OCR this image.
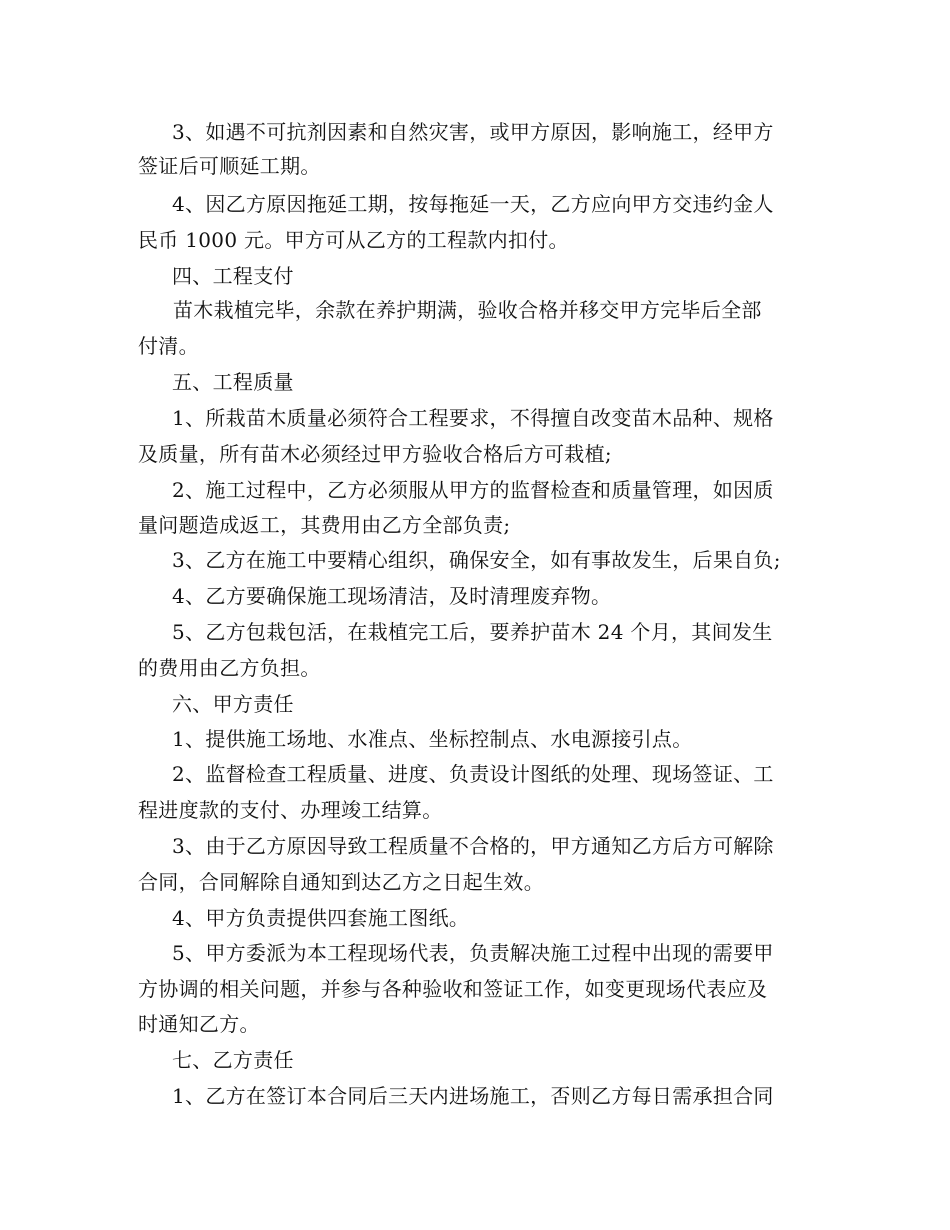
3、如遇不可抗剂因素和自然灾害，或甲方原因，影响施工，经甲方

签证后可顺延工期。

4、因乙方原因拖延工期，按每拖延一天，乙方应向甲方交违约金人

民币 1000 元。甲方可从乙方的工程款内扣付。

四、工程支付

苗木栽植完毕，余款在养护期满，验收合格并移交甲方完毕后全部

付清。

五、工程质量

1、所栽苗木质量必须符合工程要求，不得擅自改变苗木品种、规格

及质量，所有苗木必须经过甲方验收合格后方可栽植;

2、施工过程中，乙方必须服从甲方的监督检查和质量管理，如因质

量问题造成返工，其费用由乙方全部负责;

3、乙方在施工中要精心组织，确保安全，如有事故发生，后果自负;

4、乙方要确保施工现场清洁，及时清理废弃物。

5、乙方包栽包活，在栽植完工后，要养护苗木 24 个月，其间发生

的费用由乙方负担。

六、甲方责任

1、提供施工场地、水准点、坐标控制点、水电源接引点。

2、监督检查工程质量、进度、负责设计图纸的处理、现场签证、工

程进度款的支付、办理竣工结算。

3、由于乙方原因导致工程质量不合格的，甲方通知乙方后方可解除

合同，合同解除自通知到达乙方之日起生效。

4、甲方负责提供四套施工图纸。

5、甲方委派为本工程现场代表，负责解决施工过程中出现的需要甲

方协调的相关问题，并参与各种验收和签证工作，如变更现场代表应及

时通知乙方。

七、乙方责任

1、乙方在签订本合同后三天内进场施工，否则乙方每日需承担合同
